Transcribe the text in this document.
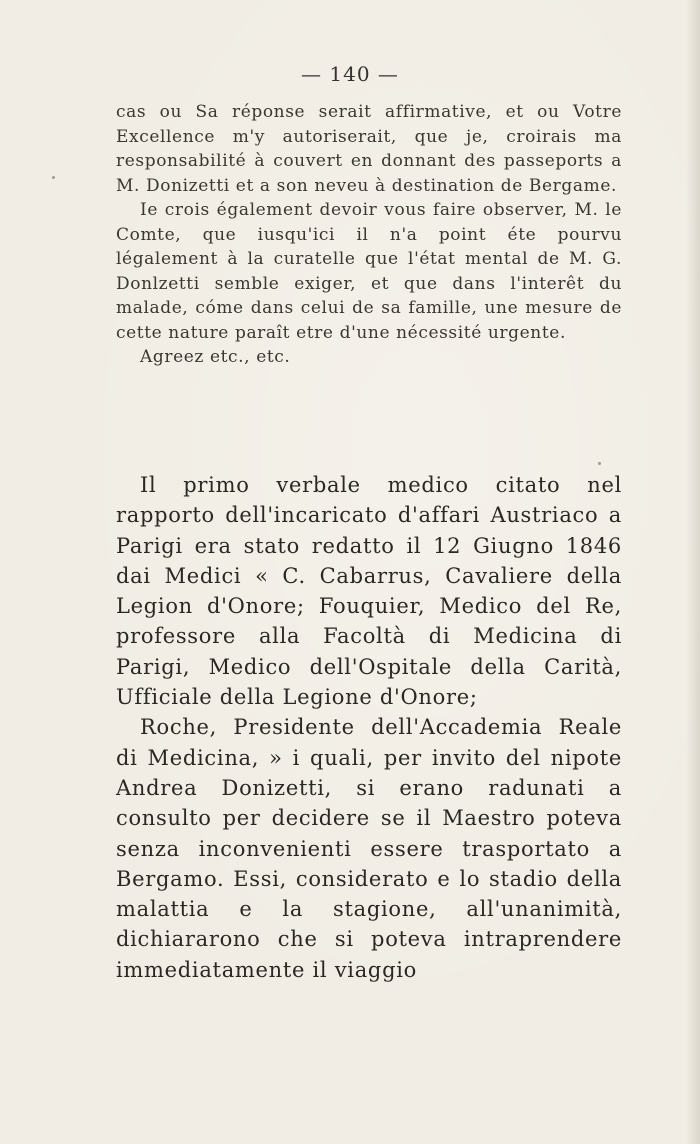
— 140 —

cas ou Sa réponse serait affirmative, et ou Votre Excellence m'y autoriserait, que je, croirais ma responsabilité à couvert en donnant des passeports a M. Donizetti et a son neveu à destination de Bergame.

Ie crois également devoir vous faire observer, M. le Comte, que iusqu'ici il n'a point éte pourvu légalement à la curatelle que l'état mental de M. G. Donlzetti semble exiger, et que dans l'interêt du malade, cóme dans celui de sa famille, une mesure de cette nature paraît etre d'une nécessité urgente.

Agreez etc., etc.

Il primo verbale medico citato nel rapporto dell'incaricato d'affari Austriaco a Parigi era stato redatto il 12 Giugno 1846 dai Medici « C. Cabarrus, Cavaliere della Legion d'Onore; Fouquier, Medico del Re, professore alla Facoltà di Medicina di Parigi, Medico dell'Ospitale della Carità, Ufficiale della Legione d'Onore;

Roche, Presidente dell'Accademia Reale di Medicina, » i quali, per invito del nipote Andrea Donizetti, si erano radunati a consulto per decidere se il Maestro poteva senza inconvenienti essere trasportato a Bergamo. Essi, considerato e lo stadio della malattia e la stagione, all'unanimità, dichiararono che si poteva intraprendere immediatamente il viaggio
